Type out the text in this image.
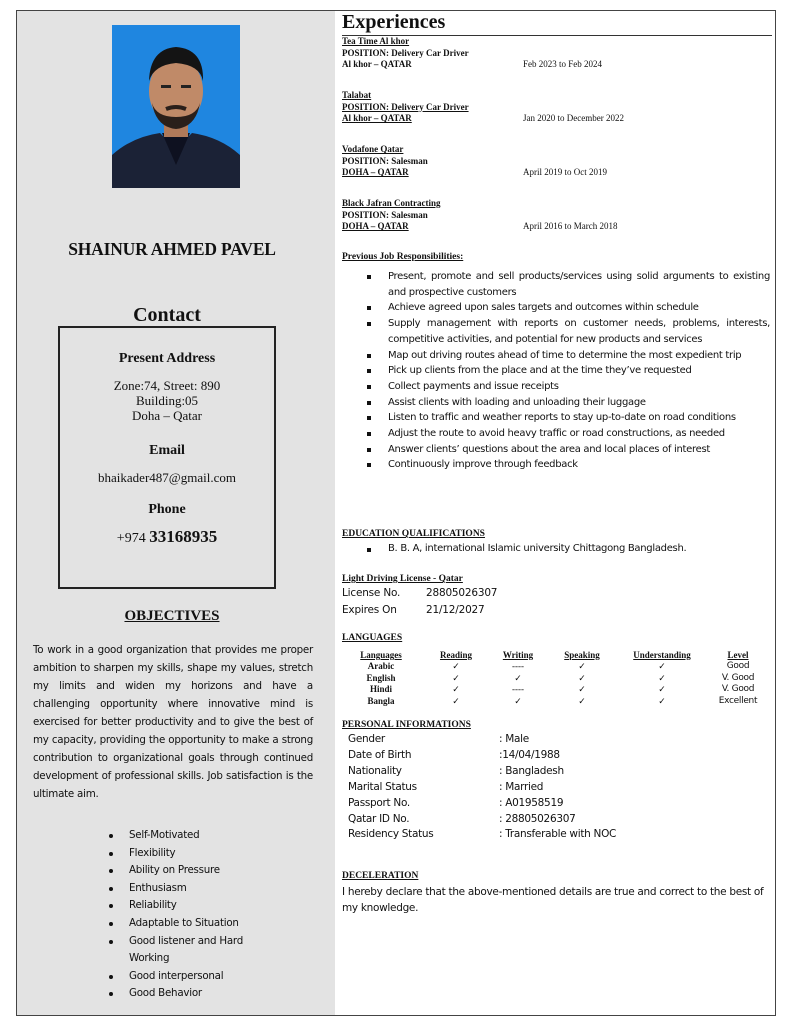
SHAINUR AHMED PAVEL
Contact
Present Address
Zone:74, Street: 890
Building:05
Doha – Qatar
Email
bhaikader487@gmail.com
Phone
+974 33168935
OBJECTIVES
To work in a good organization that provides me proper ambition to sharpen my skills, shape my values, stretch my limits and widen my horizons and have a challenging opportunity where innovative mind is exercised for better productivity and to give the best of my capacity, providing the opportunity to make a strong contribution to organizational goals through continued development of professional skills. Job satisfaction is the ultimate aim.
Self-Motivated
Flexibility
Ability on Pressure
Enthusiasm
Reliability
Adaptable to Situation
Good listener and Hard Working
Good interpersonal
Good Behavior
Experiences
Tea Time Al khor
POSITION: Delivery Car Driver
Al khor – QATAR	Feb 2023 to Feb 2024
Talabat
POSITION: Delivery Car Driver
Al khor – QATAR	Jan 2020 to December 2022
Vodafone Qatar
POSITION: Salesman
DOHA – QATAR	April 2019 to Oct 2019
Black Jafran Contracting
POSITION: Salesman
DOHA – QATAR	April 2016 to March 2018
Previous Job Responsibilities:
Present, promote and sell products/services using solid arguments to existing and prospective customers
Achieve agreed upon sales targets and outcomes within schedule
Supply management with reports on customer needs, problems, interests, competitive activities, and potential for new products and services
Map out driving routes ahead of time to determine the most expedient trip
Pick up clients from the place and at the time they’ve requested
Collect payments and issue receipts
Assist clients with loading and unloading their luggage
Listen to traffic and weather reports to stay up-to-date on road conditions
Adjust the route to avoid heavy traffic or road constructions, as needed
Answer clients’ questions about the area and local places of interest
Continuously improve through feedback
EDUCATION QUALIFICATIONS
B. B. A, international Islamic university Chittagong Bangladesh.
Light Driving License - Qatar
License No. 28805026307
Expires On	21/12/2027
LANGUAGES
Languages	Reading	Writing	Speaking	Understanding	Level
Arabic	✓	----	✓	✓	Good
English	✓	✓	✓	✓	V. Good
Hindi	✓	----	✓	✓	V. Good
Bangla	✓	✓	✓	✓	Excellent
PERSONAL INFORMATIONS
Gender	: Male
Date of Birth	:14/04/1988
Nationality	: Bangladesh
Marital Status	: Married
Passport No.	: A01958519
Qatar ID No.	: 28805026307
Residency Status	: Transferable with NOC
DECELERATION
I hereby declare that the above-mentioned details are true and correct to the best of my knowledge.
